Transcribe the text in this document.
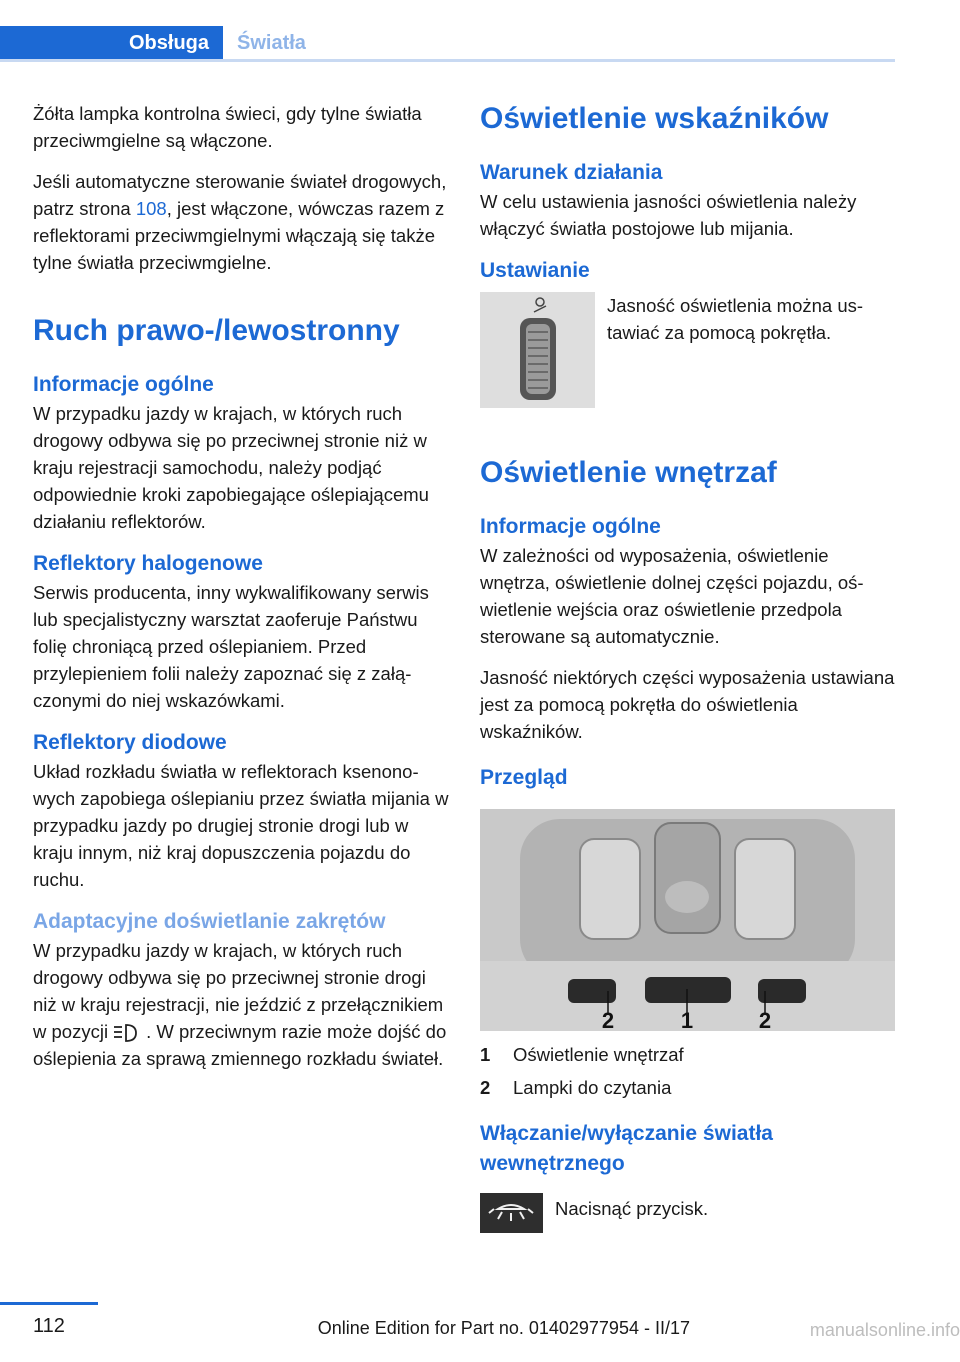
Obsługa	Światła

Żółta lampka kontrolna świeci, gdy tylne światła przeciwmgielne są włączone.

Jeśli automatyczne sterowanie świateł drogowych, patrz strona 108, jest włączone, wówczas razem z reflektorami przeciwmgielnymi włączają się także tylne światła przeciwmgielne.

Ruch prawo-/lewostronny
Informacje ogólne

W przypadku jazdy w krajach, w których ruch drogowy odbywa się po przeciwnej stronie niż w kraju rejestracji samochodu, należy podjąć odpowiednie kroki zapobiegające oślepiającemu działaniu reflektorów.

Reflektory halogenowe

Serwis producenta, inny wykwalifikowany serwis lub specjalistyczny warsztat zaoferuje Państwu folię chroniącą przed oślepianiem. Przed przylepieniem folii należy zapoznać się z załączonymi do niej wskazówkami.

Reflektory diodowe

Układ rozkładu światła w reflektorach ksenonowych zapobiega oślepianiu przez światła mijania w przypadku jazdy po drugiej stronie drogi lub w kraju innym, niż kraj dopuszczenia pojazdu do ruchu.

Adaptacyjne doświetlanie zakrętów

W przypadku jazdy w krajach, w których ruch drogowy odbywa się po przeciwnej stronie drogi niż w kraju rejestracji, nie jeździć z przełącznikiem w pozycji . W przeciwnym razie może dojść do oślepienia za sprawą zmiennego rozkładu świateł.

Oświetlenie wskaźników
Warunek działania

W celu ustawienia jasności oświetlenia należy włączyć światła postojowe lub mijania.

Ustawianie
Jasność oświetlenia można ustawiać za pomocą pokrętła.
Oświetlenie wnętrzaf
Informacje ogólne

W zależności od wyposażenia, oświetlenie wnętrza, oświetlenie dolnej części pojazdu, oświetlenie wejścia oraz oświetlenie przedpola sterowane są automatycznie.

Jasność niektórych części wyposażenia ustawiana jest za pomocą pokrętła do oświetlenia wskaźników.

Przegląd
2	1	2
1	Oświetlenie wnętrzaf
2	Lampki do czytania
Włączanie/wyłączanie światła wewnętrznego
Nacisnąć przycisk.
112	Online Edition for Part no. 01402977954 - II/17	manualsonline.info
